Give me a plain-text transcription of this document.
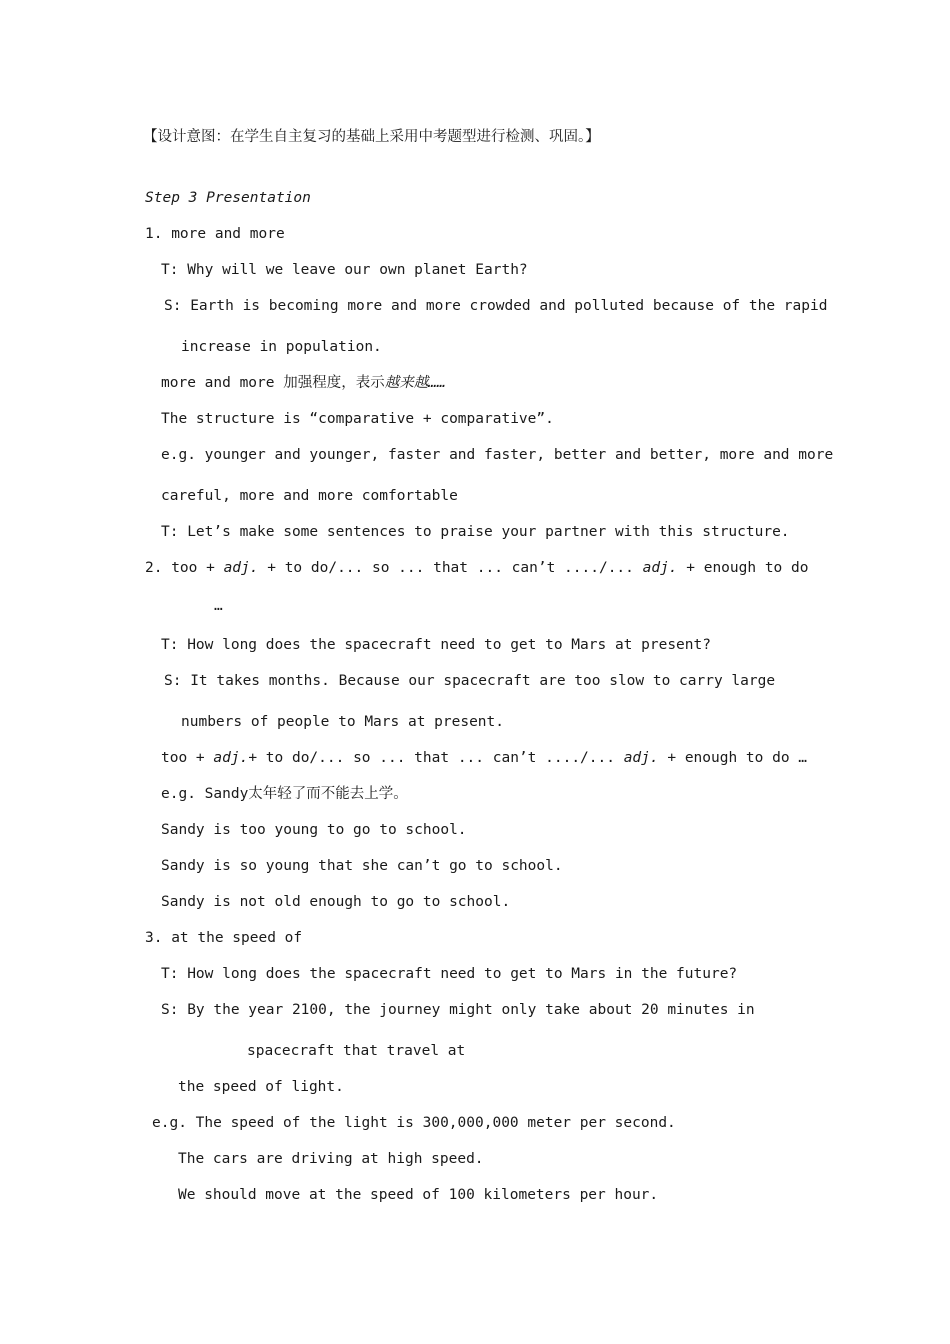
【设计意图：在学生自主复习的基础上采用中考题型进行检测、巩固。】
Step 3 Presentation
1. more and more
T: Why will we leave our own planet Earth?
S: Earth is becoming more and more crowded and polluted because of the rapid
increase in population.
more and more 加强程度，表示越来越……
The structure is “comparative + comparative”.
e.g. younger and younger, faster and faster, better and better, more and more
careful, more and more comfortable
T: Let’s make some sentences to praise your partner with this structure.
2. too + adj. + to do/... so ... that ... can’t ..../... adj. + enough to do
…
T: How long does the spacecraft need to get to Mars at present?
S: It takes months. Because our spacecraft are too slow to carry large
numbers of people to Mars at present.
too + adj.+ to do/... so ... that ... can’t ..../... adj. + enough to do …
e.g. Sandy太年轻了而不能去上学。
Sandy is too young to go to school.
Sandy is so young that she can’t go to school.
Sandy is not old enough to go to school.
3. at the speed of
T: How long does the spacecraft need to get to Mars in the future?
S: By the year 2100, the journey might only take about 20 minutes in
spacecraft that travel at
the speed of light.
e.g. The speed of the light is 300,000,000 meter per second.
The cars are driving at high speed.
We should move at the speed of 100 kilometers per hour.
